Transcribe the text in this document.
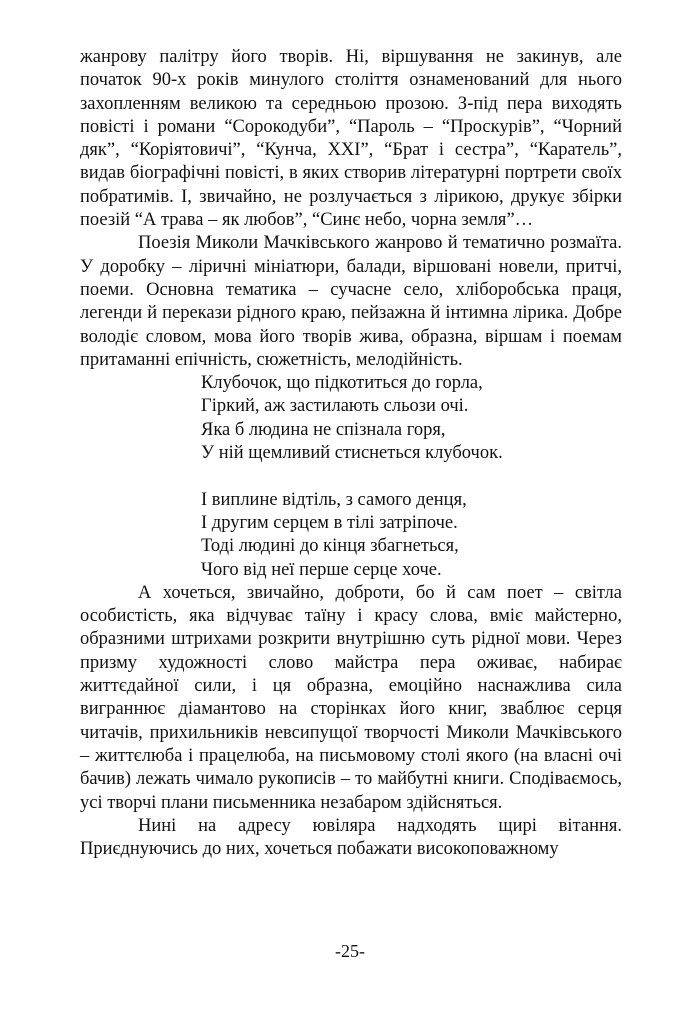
жанрову палітру його творів. Ні, віршування не закинув, але початок 90-х років минулого століття ознаменований для нього захопленням великою та середньою прозою. З-під пера виходять повісті і романи “Сорокодуби”, “Пароль – “Проскурів”, “Чорний дяк”, “Коріятовичі”, “Кунча, ХХІ”, “Брат і сестра”, “Каратель”, видав біографічні повісті, в яких створив літературні портрети своїх побратимів. І, звичайно, не розлучається з лірикою, друкує збірки поезій “А трава – як любов”, “Синє небо, чорна земля”…

Поезія Миколи Мачківського жанрово й тематично розмаїта. У доробку – ліричні мініатюри, балади, віршовані новели, притчі, поеми. Основна тематика – сучасне село, хліборобська праця, легенди й перекази рідного краю, пейзажна й інтимна лірика. Добре володіє словом, мова його творів жива, образна, віршам і поемам притаманні епічність, сюжетність, мелодійність.

Клубочок, що підкотиться до горла,
Гіркий, аж застилають сльози очі.
Яка б людина не спізнала горя,
У ній щемливий стиснеться клубочок.
І виплине відтіль, з самого денця,
І другим серцем в тілі затріпоче.
Тоді людині до кінця збагнеться,
Чого від неї перше серце хоче.

А хочеться, звичайно, доброти, бо й сам поет – світла особистість, яка відчуває таїну і красу слова, вміє майстерно, образними штрихами розкрити внутрішню суть рідної мови. Через призму художності слово майстра пера оживає, набирає життєдайної сили, і ця образна, емоційно наснажлива сила виграннює діамантово на сторінках його книг, зваблює серця читачів, прихильників невсипущої творчості Миколи Мачківського – життєлюба і працелюба, на письмовому столі якого (на власні очі бачив) лежать чимало рукописів – то майбутні книги. Сподіваємось, усі творчі плани письменника незабаром здійсняться.

Нині на адресу ювіляра надходять щирі вітання. Приєднуючись до них, хочеться побажати високоповажному

-25-
